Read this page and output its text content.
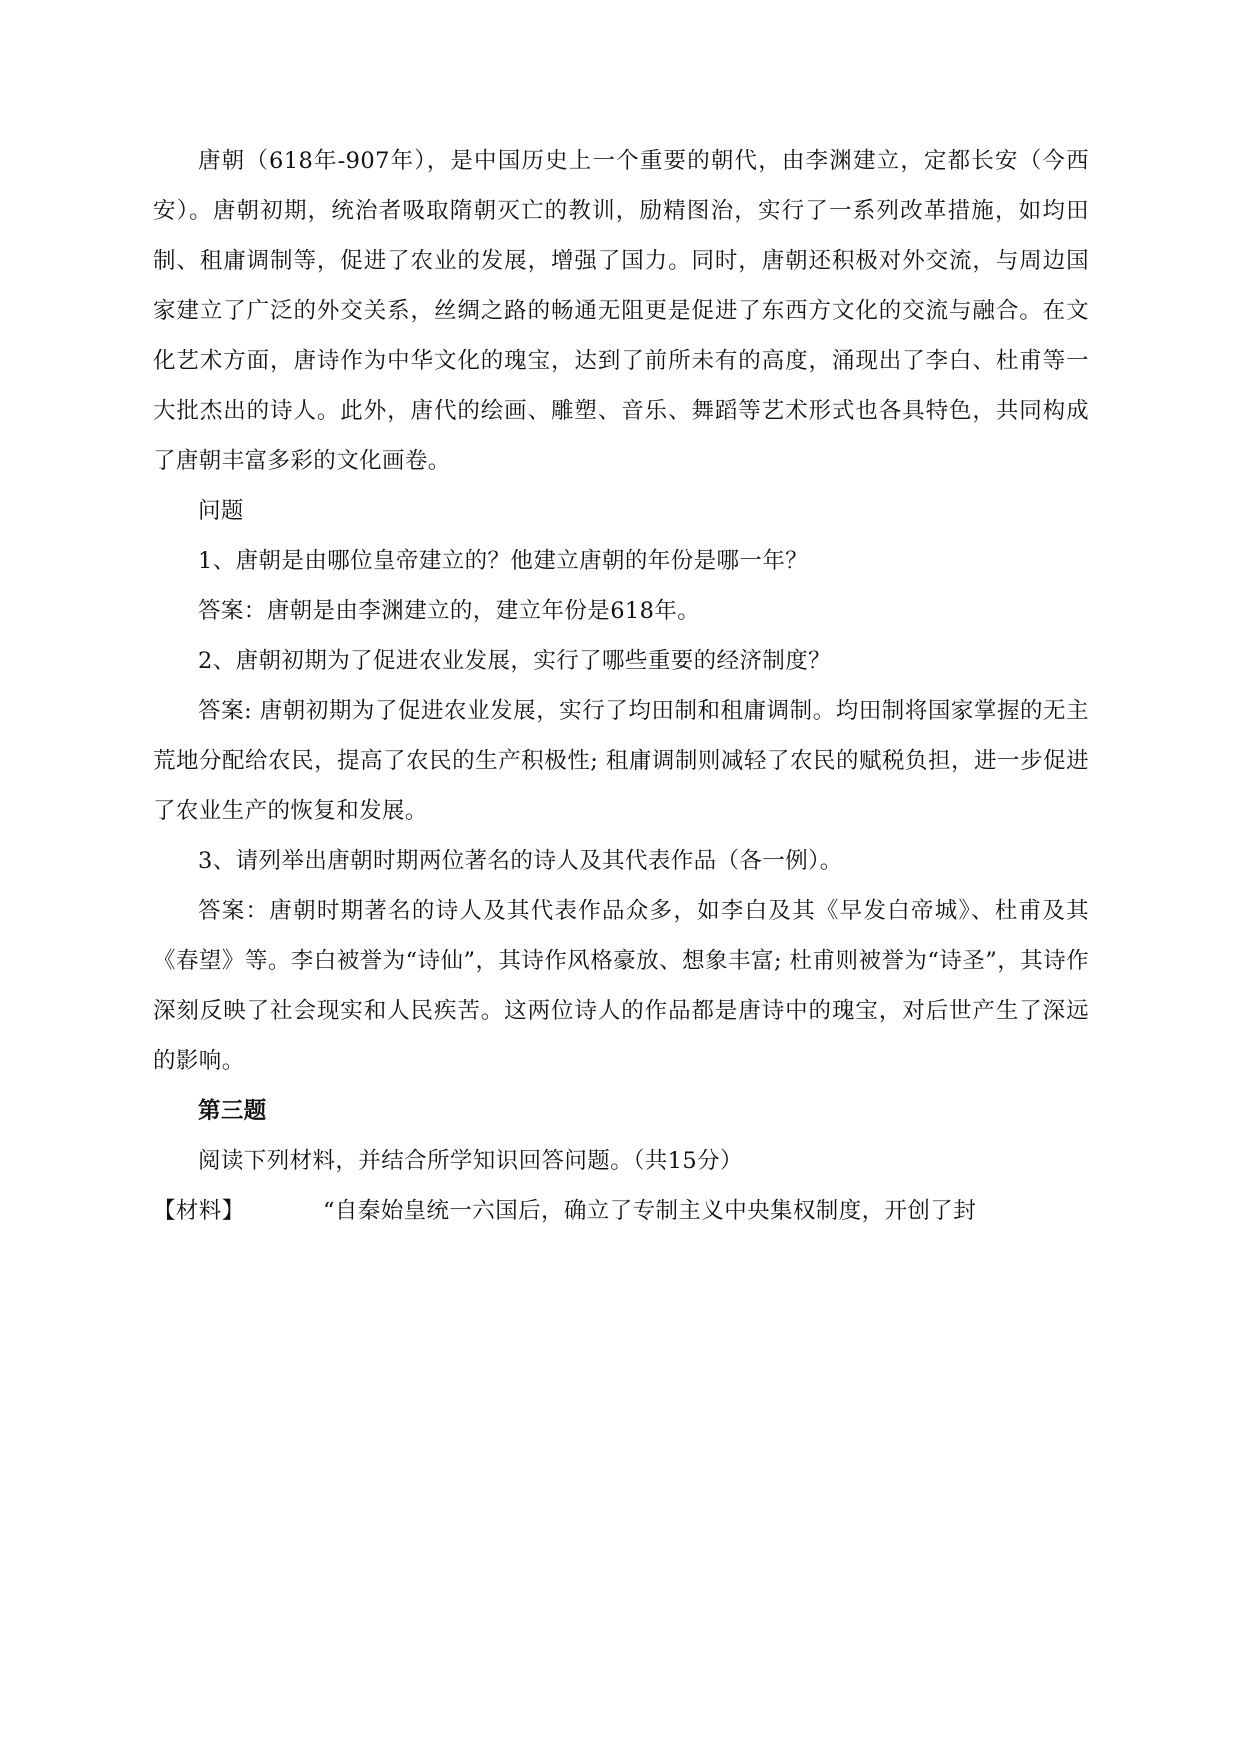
唐朝（618年-907年），是中国历史上一个重要的朝代，由李渊建立，定都长安（今西安）。唐朝初期，统治者吸取隋朝灭亡的教训，励精图治，实行了一系列改革措施，如均田制、租庸调制等，促进了农业的发展，增强了国力。同时，唐朝还积极对外交流，与周边国家建立了广泛的外交关系，丝绸之路的畅通无阻更是促进了东西方文化的交流与融合。在文化艺术方面，唐诗作为中华文化的瑰宝，达到了前所未有的高度，涌现出了李白、杜甫等一大批杰出的诗人。此外，唐代的绘画、雕塑、音乐、舞蹈等艺术形式也各具特色，共同构成了唐朝丰富多彩的文化画卷。

问题

1、唐朝是由哪位皇帝建立的？他建立唐朝的年份是哪一年？

答案：唐朝是由李渊建立的，建立年份是618年。

2、唐朝初期为了促进农业发展，实行了哪些重要的经济制度？

答案: 唐朝初期为了促进农业发展，实行了均田制和租庸调制。均田制将国家掌握的无主荒地分配给农民，提高了农民的生产积极性; 租庸调制则减轻了农民的赋税负担，进一步促进了农业生产的恢复和发展。

3、请列举出唐朝时期两位著名的诗人及其代表作品（各一例）。

答案：唐朝时期著名的诗人及其代表作品众多，如李白及其《早发白帝城》、杜甫及其《春望》等。李白被誉为“诗仙”，其诗作风格豪放、想象丰富; 杜甫则被誉为“诗圣”，其诗作深刻反映了社会现实和人民疾苦。这两位诗人的作品都是唐诗中的瑰宝，对后世产生了深远的影响。

第三题

阅读下列材料，并结合所学知识回答问题。（共15分）

【材料】	“自秦始皇统一六国后，确立了专制主义中央集权制度，开创了封
